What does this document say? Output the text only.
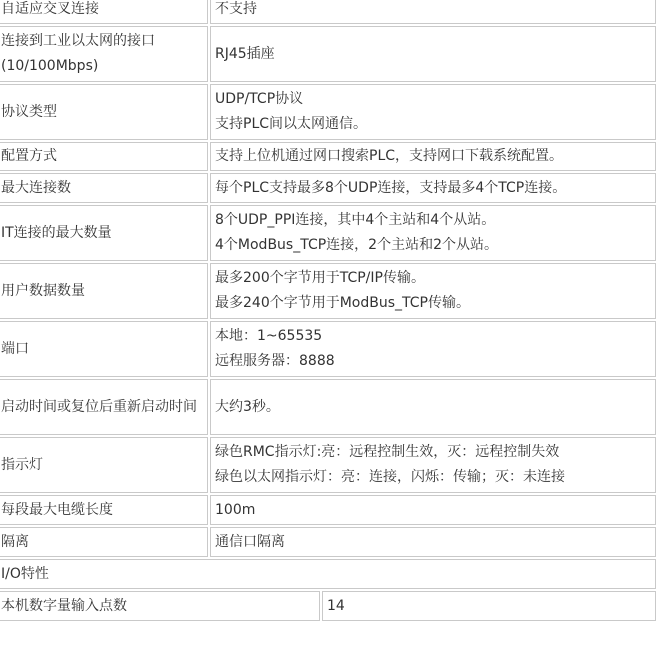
自适应交叉连接	不支持	

连接到工业以太网的接口(10/100Mbps)	RJ45插座	

协议类型	UDP/TCP协议
支持PLC间以太网通信。	

配置方式	支持上位机通过网口搜索PLC，支持网口下载系统配置。	

最大连接数	每个PLC支持最多8个UDP连接，支持最多4个TCP连接。	

IT连接的最大数量	8个UDP_PPI连接，其中4个主站和4个从站。
4个ModBus_TCP连接，2个主站和2个从站。	

用户数据数量	最多200个字节用于TCP/IP传输。
最多240个字节用于ModBus_TCP传输。	

端口	本地：1~65535
远程服务器：8888	

启动时间或复位后重新启动时间	大约3秒。	

指示灯	绿色RMC指示灯:亮：远程控制生效，灭：远程控制失效
绿色以太网指示灯：亮：连接，闪烁：传输；灭：未连接	

每段最大电缆长度	100m	

隔离	通信口隔离	

I/O特性		
本机数字量输入点数		14
